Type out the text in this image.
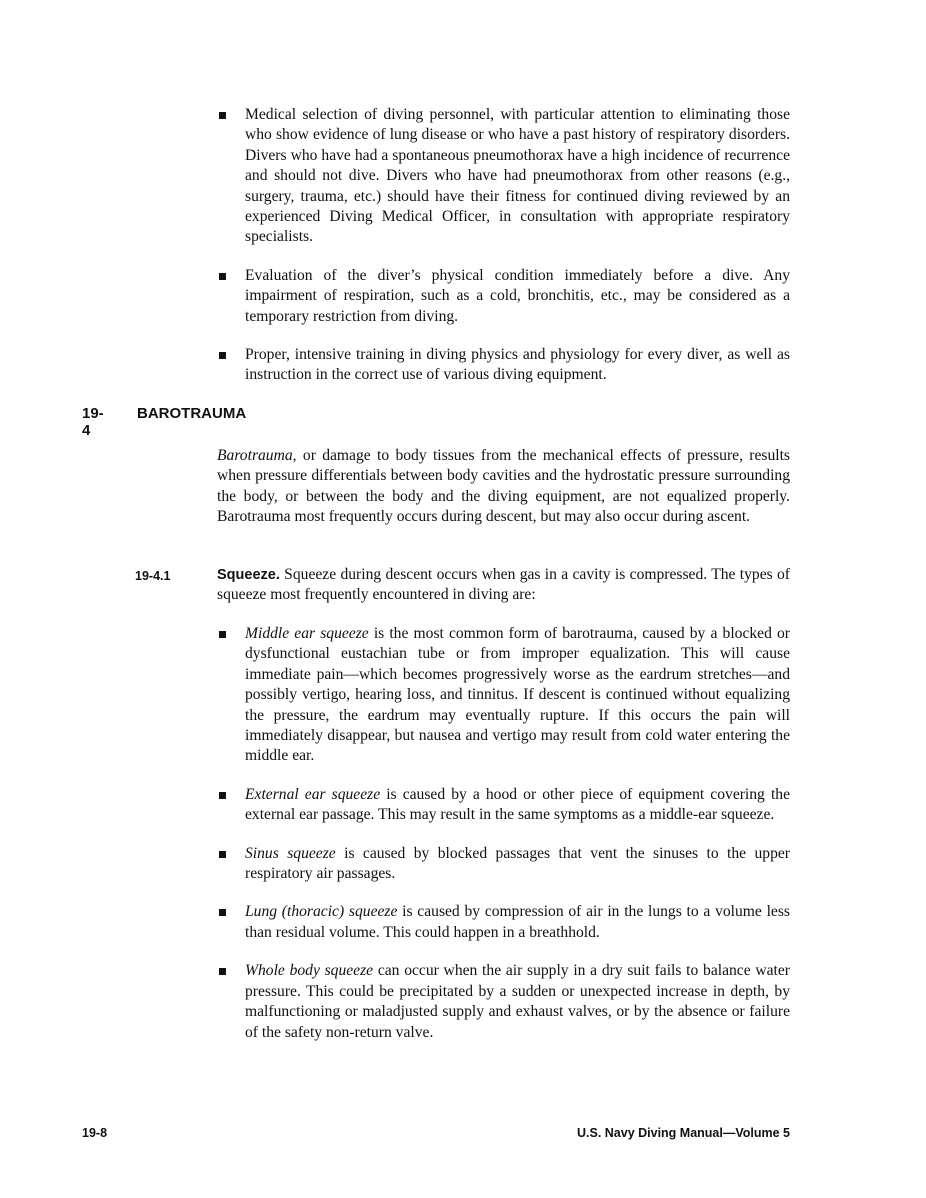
Medical selection of diving personnel, with particular attention to eliminating those who show evidence of lung disease or who have a past history of respiratory disorders. Divers who have had a spontaneous pneumothorax have a high incidence of recurrence and should not dive. Divers who have had pneumothorax from other reasons (e.g., surgery, trauma, etc.) should have their fitness for continued diving reviewed by an experienced Diving Medical Officer, in consultation with appropriate respiratory specialists.
Evaluation of the diver’s physical condition immediately before a dive. Any impairment of respiration, such as a cold, bronchitis, etc., may be considered as a temporary restriction from diving.
Proper, intensive training in diving physics and physiology for every diver, as well as instruction in the correct use of various diving equipment.
19-4
BAROTRAUMA

Barotrauma, or damage to body tissues from the mechanical effects of pressure, results when pressure differentials between body cavities and the hydrostatic pressure surrounding the body, or between the body and the diving equipment, are not equalized properly. Barotrauma most frequently occurs during descent, but may also occur during ascent.

19-4.1	Squeeze. Squeeze during descent occurs when gas in a cavity is compressed. The types of squeeze most frequently encountered in diving are:

Middle ear squeeze is the most common form of barotrauma, caused by a blocked or dysfunctional eustachian tube or from improper equalization. This will cause immediate pain—which becomes progressively worse as the eardrum stretches—and possibly vertigo, hearing loss, and tinnitus. If descent is continued without equalizing the pressure, the eardrum may eventually rupture. If this occurs the pain will immediately disappear, but nausea and vertigo may result from cold water entering the middle ear.
External ear squeeze is caused by a hood or other piece of equipment covering the external ear passage. This may result in the same symptoms as a middle-ear squeeze.
Sinus squeeze is caused by blocked passages that vent the sinuses to the upper respiratory air passages.
Lung (thoracic) squeeze is caused by compression of air in the lungs to a volume less than residual volume. This could happen in a breathhold.
Whole body squeeze can occur when the air supply in a dry suit fails to balance water pressure. This could be precipitated by a sudden or unexpected increase in depth, by malfunctioning or maladjusted supply and exhaust valves, or by the absence or failure of the safety non-return valve.
19-8	U.S. Navy Diving Manual—Volume 5
